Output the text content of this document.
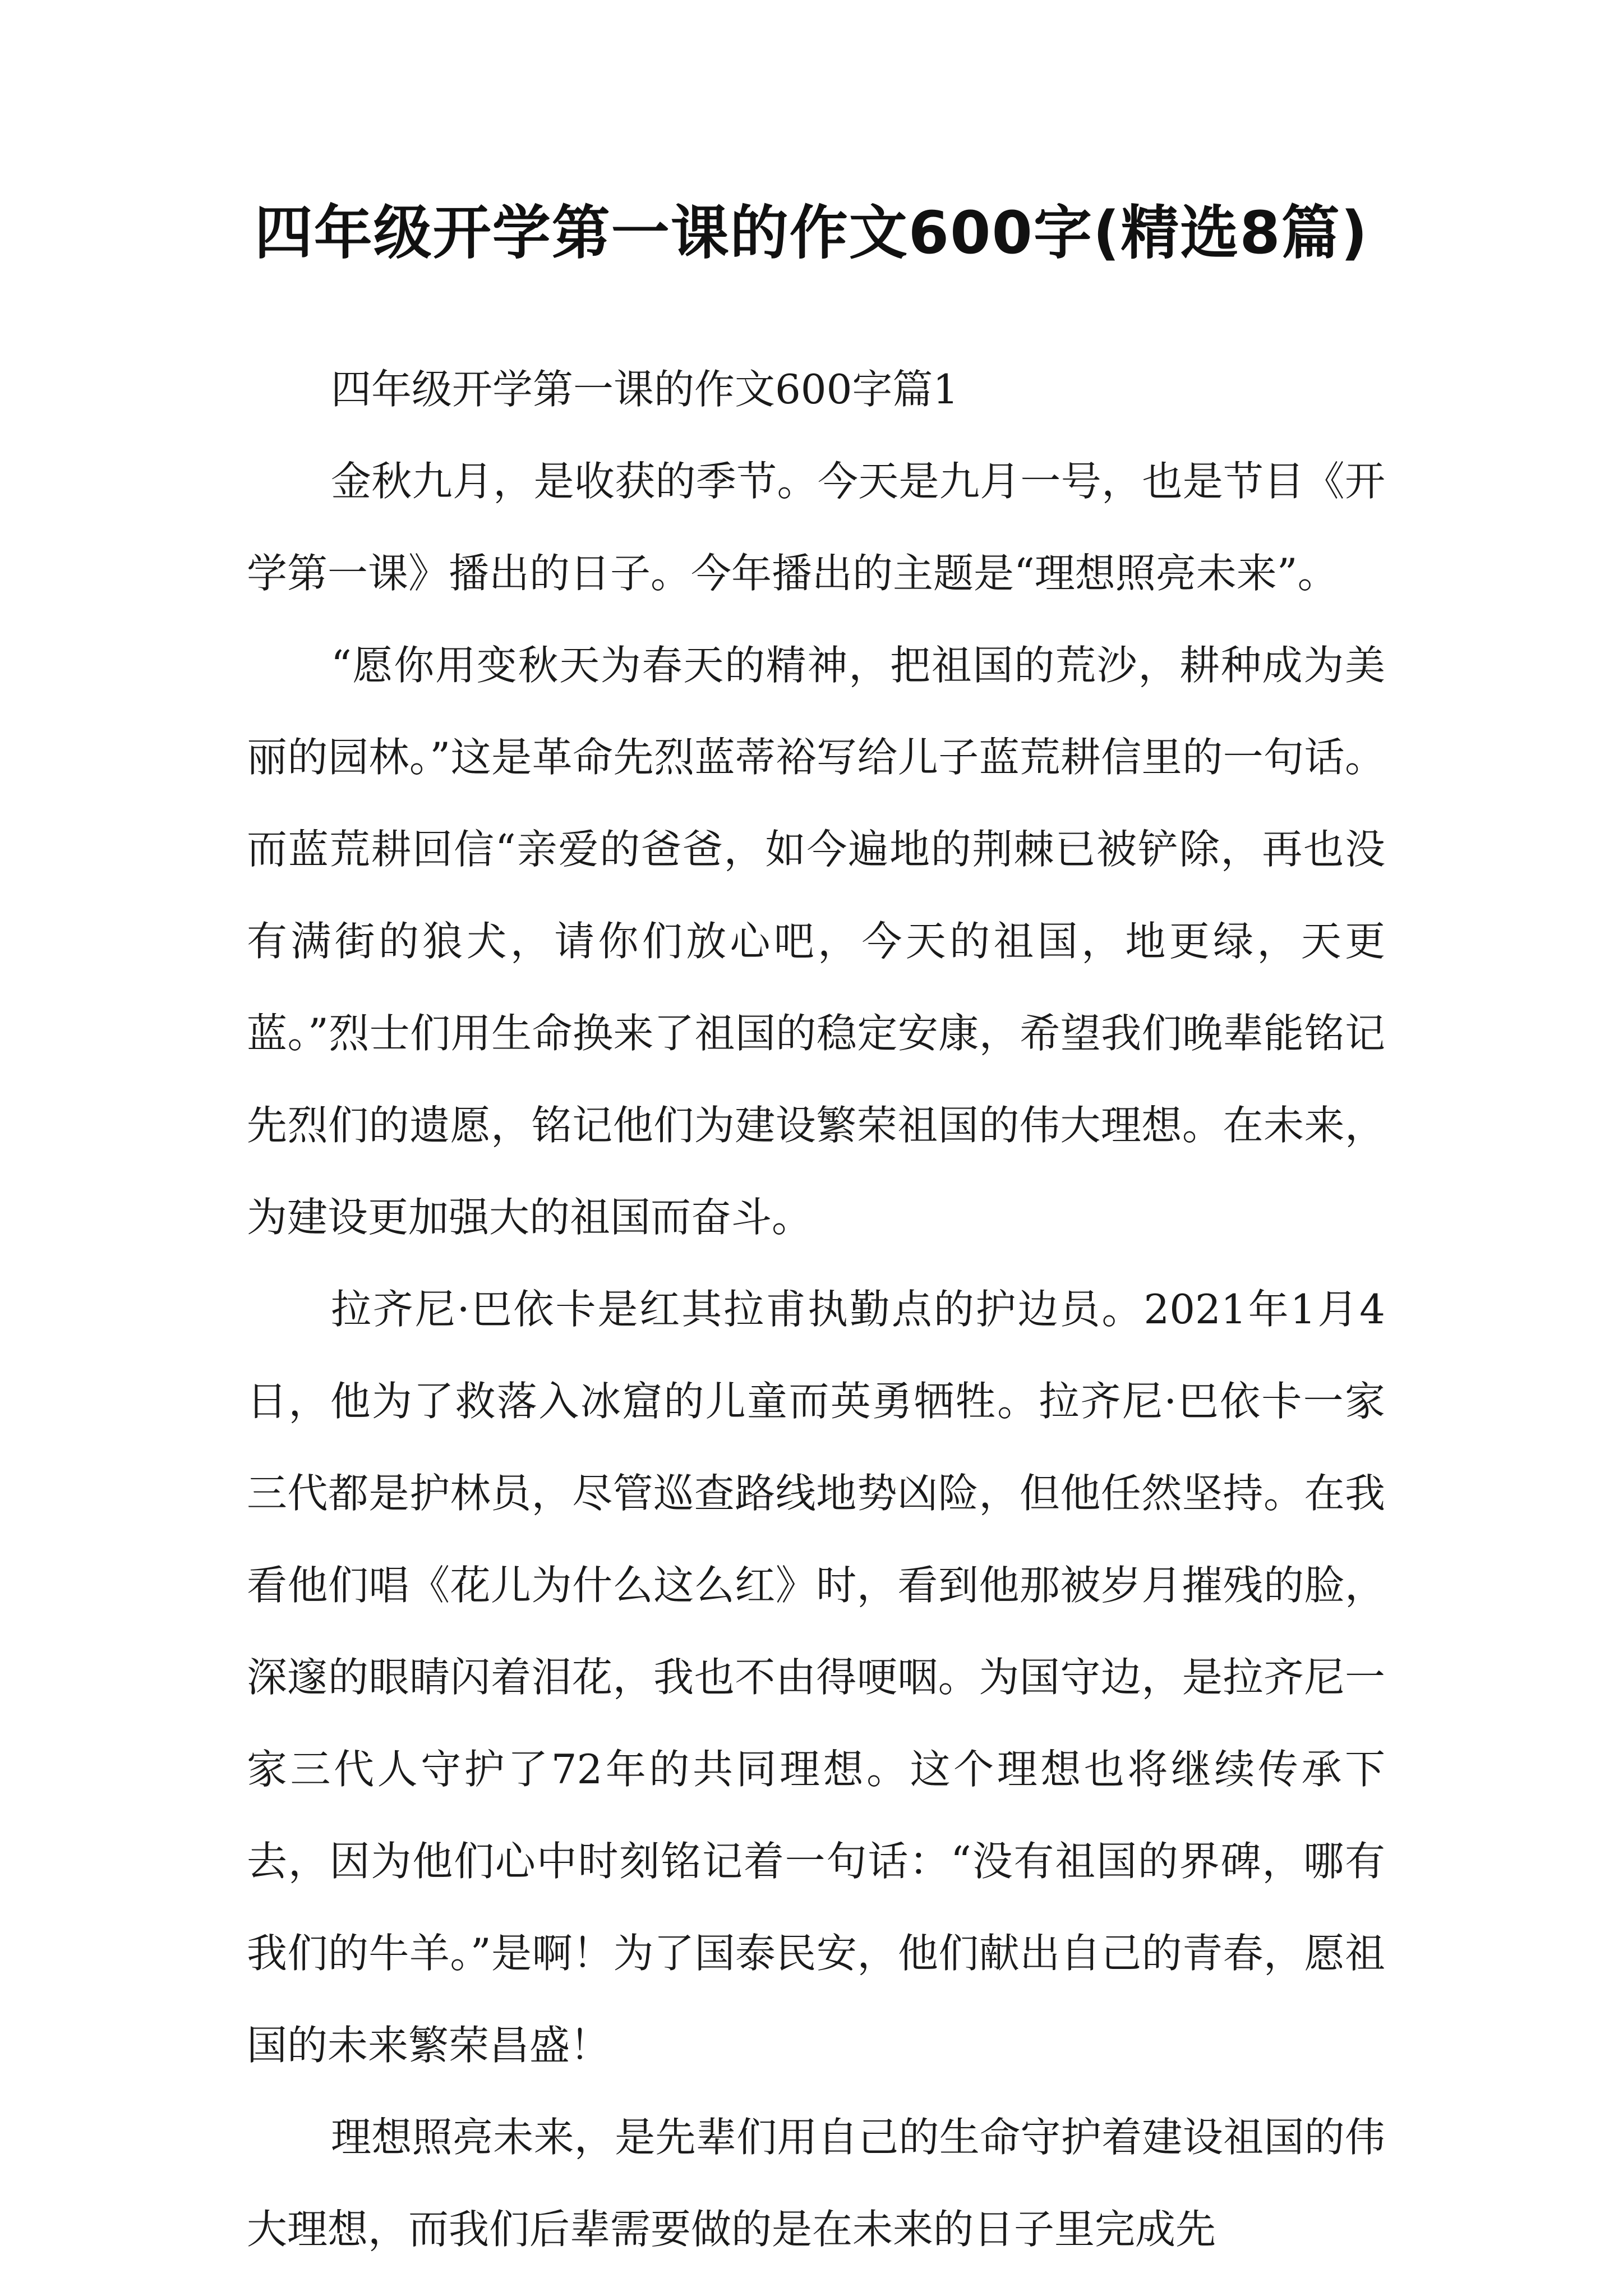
四年级开学第一课的作文600字(精选8篇)

四年级开学第一课的作文600字篇1

金秋九月，是收获的季节。今天是九月一号，也是节目《开学第一课》播出的日子。今年播出的主题是“理想照亮未来”。

“愿你用变秋天为春天的精神，把祖国的荒沙，耕种成为美丽的园林。”这是革命先烈蓝蒂裕写给儿子蓝荒耕信里的一句话。而蓝荒耕回信“亲爱的爸爸，如今遍地的荆棘已被铲除，再也没有满街的狼犬，请你们放心吧，今天的祖国，地更绿，天更蓝。”烈士们用生命换来了祖国的稳定安康，希望我们晚辈能铭记先烈们的遗愿，铭记他们为建设繁荣祖国的伟大理想。在未来，为建设更加强大的祖国而奋斗。

拉齐尼·巴依卡是红其拉甫执勤点的护边员。2021年1月4日，他为了救落入冰窟的儿童而英勇牺牲。拉齐尼·巴依卡一家三代都是护林员，尽管巡查路线地势凶险，但他任然坚持。在我看他们唱《花儿为什么这么红》时，看到他那被岁月摧残的脸，深邃的眼睛闪着泪花，我也不由得哽咽。为国守边，是拉齐尼一家三代人守护了72年的共同理想。这个理想也将继续传承下去，因为他们心中时刻铭记着一句话：“没有祖国的界碑，哪有我们的牛羊。”是啊！为了国泰民安，他们献出自己的青春，愿祖国的未来繁荣昌盛！

理想照亮未来，是先辈们用自己的生命守护着建设祖国的伟大理想，而我们后辈需要做的是在未来的日子里完成先
